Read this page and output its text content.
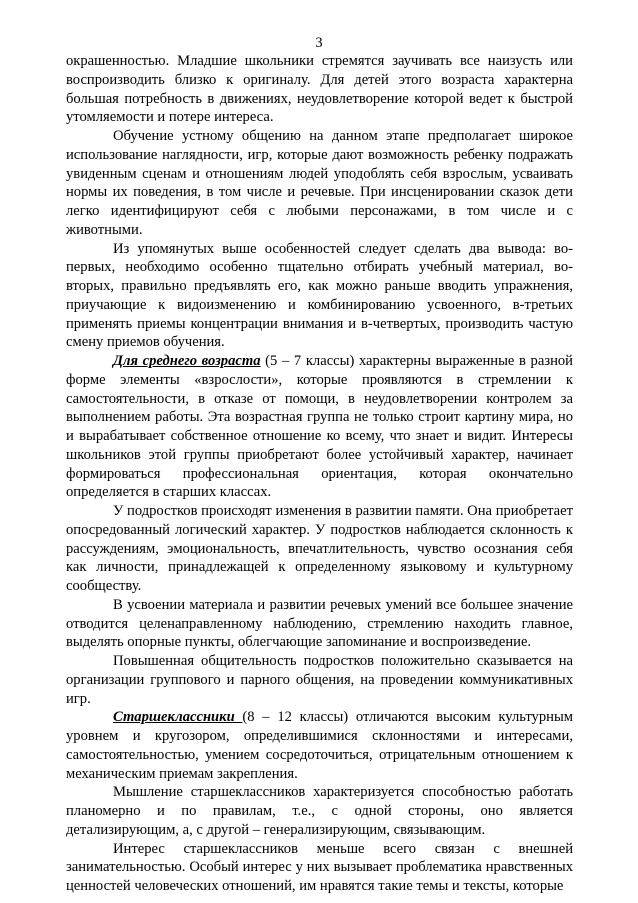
3

окрашенностью. Младшие школьники стремятся заучивать все наизусть или воспроизводить близко к оригиналу. Для детей этого возраста характерна большая потребность в движениях, неудовлетворение которой ведет к быстрой утомляемости и потере интереса.

Обучение устному общению на данном этапе предполагает широкое использование наглядности, игр, которые дают возможность ребенку подражать увиденным сценам и отношениям людей уподоблять себя взрослым, усваивать нормы их поведения, в том числе и речевые. При инсценировании сказок дети легко идентифицируют себя с любыми персонажами, в том числе и с животными.

Из упомянутых выше особенностей следует сделать два вывода: во-первых, необходимо особенно тщательно отбирать учебный материал, во-вторых, правильно предъявлять его, как можно раньше вводить упражнения, приучающие к видоизменению и комбинированию усвоенного, в-третьих применять приемы концентрации внимания и в-четвертых, производить частую смену приемов обучения.

Для среднего возраста (5 – 7 классы) характерны выраженные в разной форме элементы «взрослости», которые проявляются в стремлении к самостоятельности, в отказе от помощи, в неудовлетворении контролем за выполнением работы. Эта возрастная группа не только строит картину мира, но и вырабатывает собственное отношение ко всему, что знает и видит. Интересы школьников этой группы приобретают более устойчивый характер, начинает формироваться профессиональная ориентация, которая окончательно определяется в старших классах.

У подростков происходят изменения в развитии памяти. Она приобретает опосредованный логический характер. У подростков наблюдается склонность к рассуждениям, эмоциональность, впечатлительность, чувство осознания себя как личности, принадлежащей к определенному языковому и культурному сообществу.

В усвоении материала и развитии речевых умений все большее значение отводится целенаправленному наблюдению, стремлению находить главное, выделять опорные пункты, облегчающие запоминание и воспроизведение.

Повышенная общительность подростков положительно сказывается на организации группового и парного общения, на проведении коммуникативных игр.

Старшеклассники (8 – 12 классы) отличаются высоким культурным уровнем и кругозором, определившимися склонностями и интересами, самостоятельностью, умением сосредоточиться, отрицательным отношением к механическим приемам закрепления.

Мышление старшеклассников характеризуется способностью работать планомерно и по правилам, т.е., с одной стороны, оно является детализирующим, а, с другой – генерализирующим, связывающим.

Интерес старшеклассников меньше всего связан с внешней занимательностью. Особый интерес у них вызывает проблематика нравственных ценностей человеческих отношений, им нравятся такие темы и тексты, которые
